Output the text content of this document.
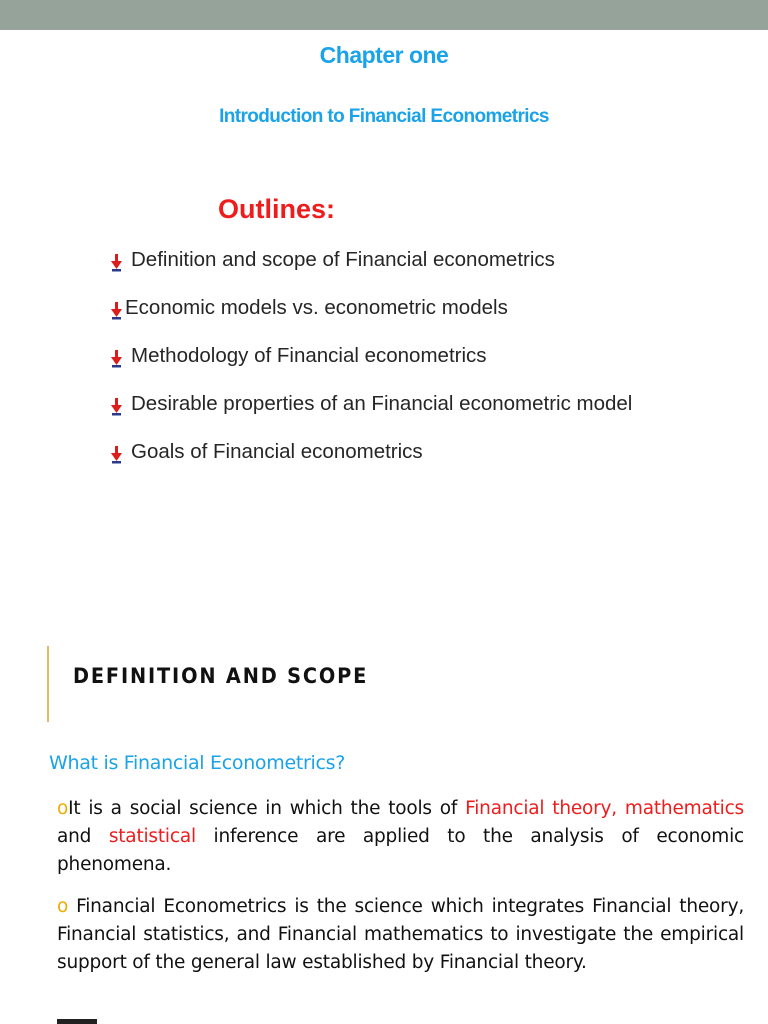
Chapter one
Introduction to Financial Econometrics
Outlines:
Definition and scope of Financial econometrics
Economic models vs. econometric models
Methodology of Financial econometrics
Desirable properties of an Financial econometric model
Goals of Financial econometrics
DEFINITION AND SCOPE
What is Financial Econometrics?
oIt is a social science in which the tools of Financial theory, mathematics and statistical inference are applied to the analysis of economic phenomena.
o Financial Econometrics is the science which integrates Financial theory, Financial statistics, and Financial mathematics to investigate the empirical support of the general law established by Financial theory.
